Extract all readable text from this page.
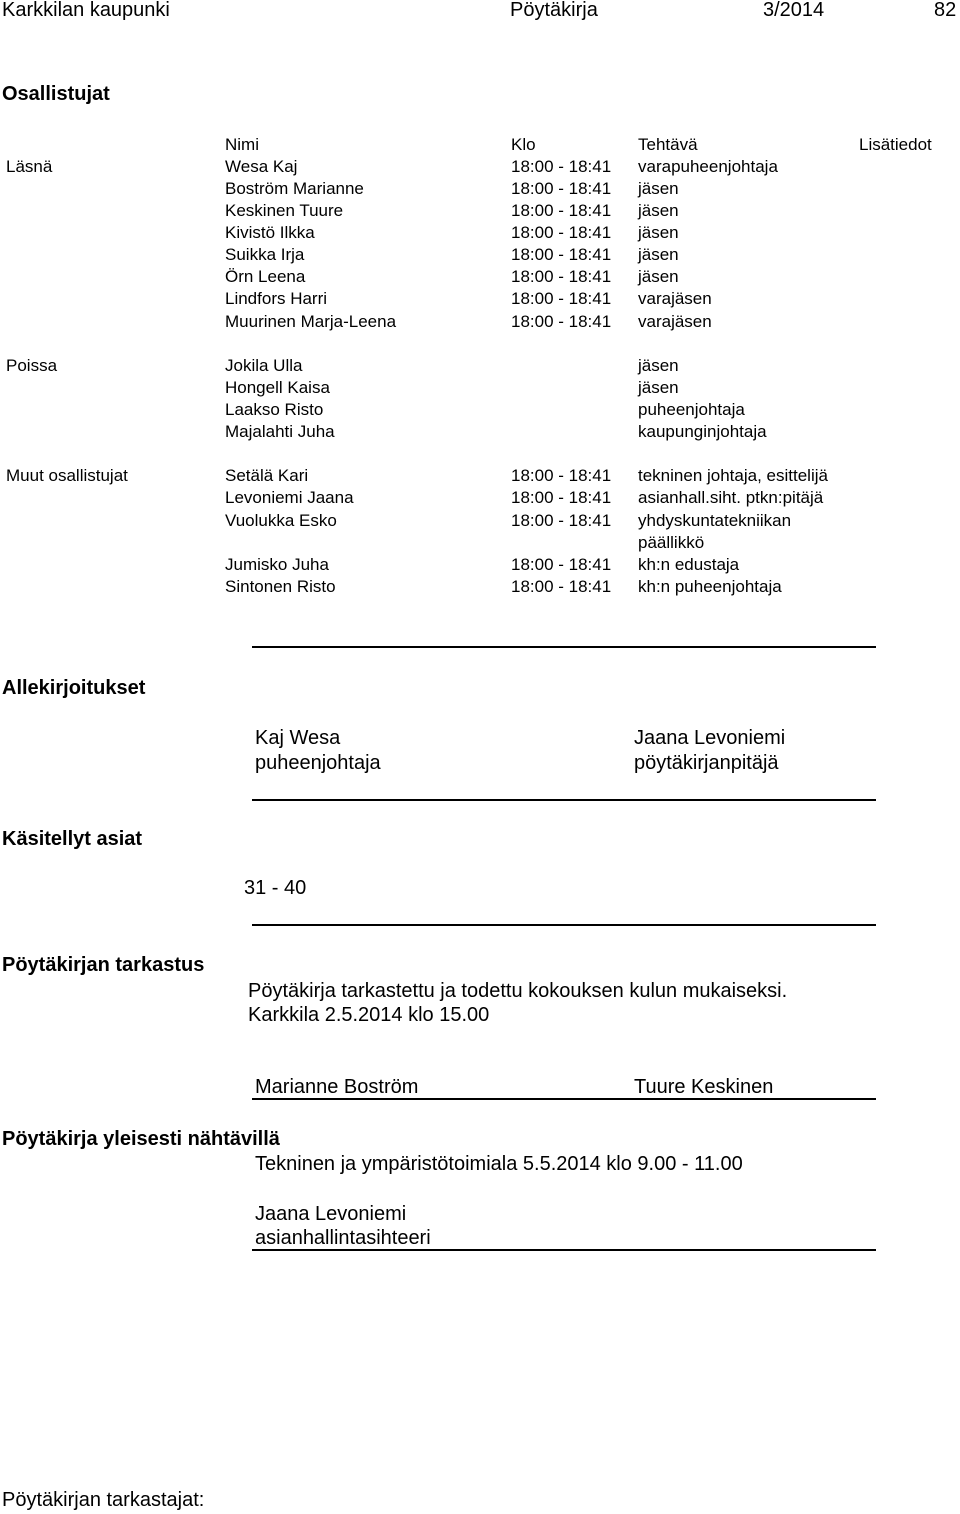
Karkkilan kaupunki	Pöytäkirja	3/2014	82
Osallistujat
Nimi	Klo	Tehtävä	Lisätiedot
Läsnä	Wesa Kaj	18:00 - 18:41 varapuheenjohtaja
Boström Marianne	18:00 - 18:41 jäsen
Keskinen Tuure	18:00 - 18:41 jäsen
Kivistö Ilkka	18:00 - 18:41 jäsen
Suikka Irja	18:00 - 18:41 jäsen
Örn Leena	18:00 - 18:41 jäsen
Lindfors Harri	18:00 - 18:41 varajäsen
Muurinen Marja-Leena	18:00 - 18:41 varajäsen
Poissa	Jokila Ulla	jäsen
Hongell Kaisa	jäsen
Laakso Risto	puheenjohtaja
Majalahti Juha	kaupunginjohtaja
Muut osallistujat	Setälä Kari	18:00 - 18:41 tekninen johtaja, esittelijä
Levoniemi Jaana	18:00 - 18:41 asianhall.siht. ptkn:pitäjä
Vuolukka Esko	18:00 - 18:41 yhdyskuntatekniikan
päällikkö
Jumisko Juha	18:00 - 18:41 kh:n edustaja
Sintonen Risto	18:00 - 18:41 kh:n puheenjohtaja
Allekirjoitukset
Kaj Wesa
puheenjohtaja
Jaana Levoniemi
pöytäkirjanpitäjä
Käsitellyt asiat
31 - 40
Pöytäkirjan tarkastus
Pöytäkirja tarkastettu ja todettu kokouksen kulun mukaiseksi.
Karkkila 2.5.2014 klo 15.00
Marianne Boström	Tuure Keskinen
Pöytäkirja yleisesti nähtävillä
Tekninen ja ympäristötoimiala 5.5.2014 klo 9.00 - 11.00
Jaana Levoniemi
asianhallintasihteeri
Pöytäkirjan tarkastajat:
